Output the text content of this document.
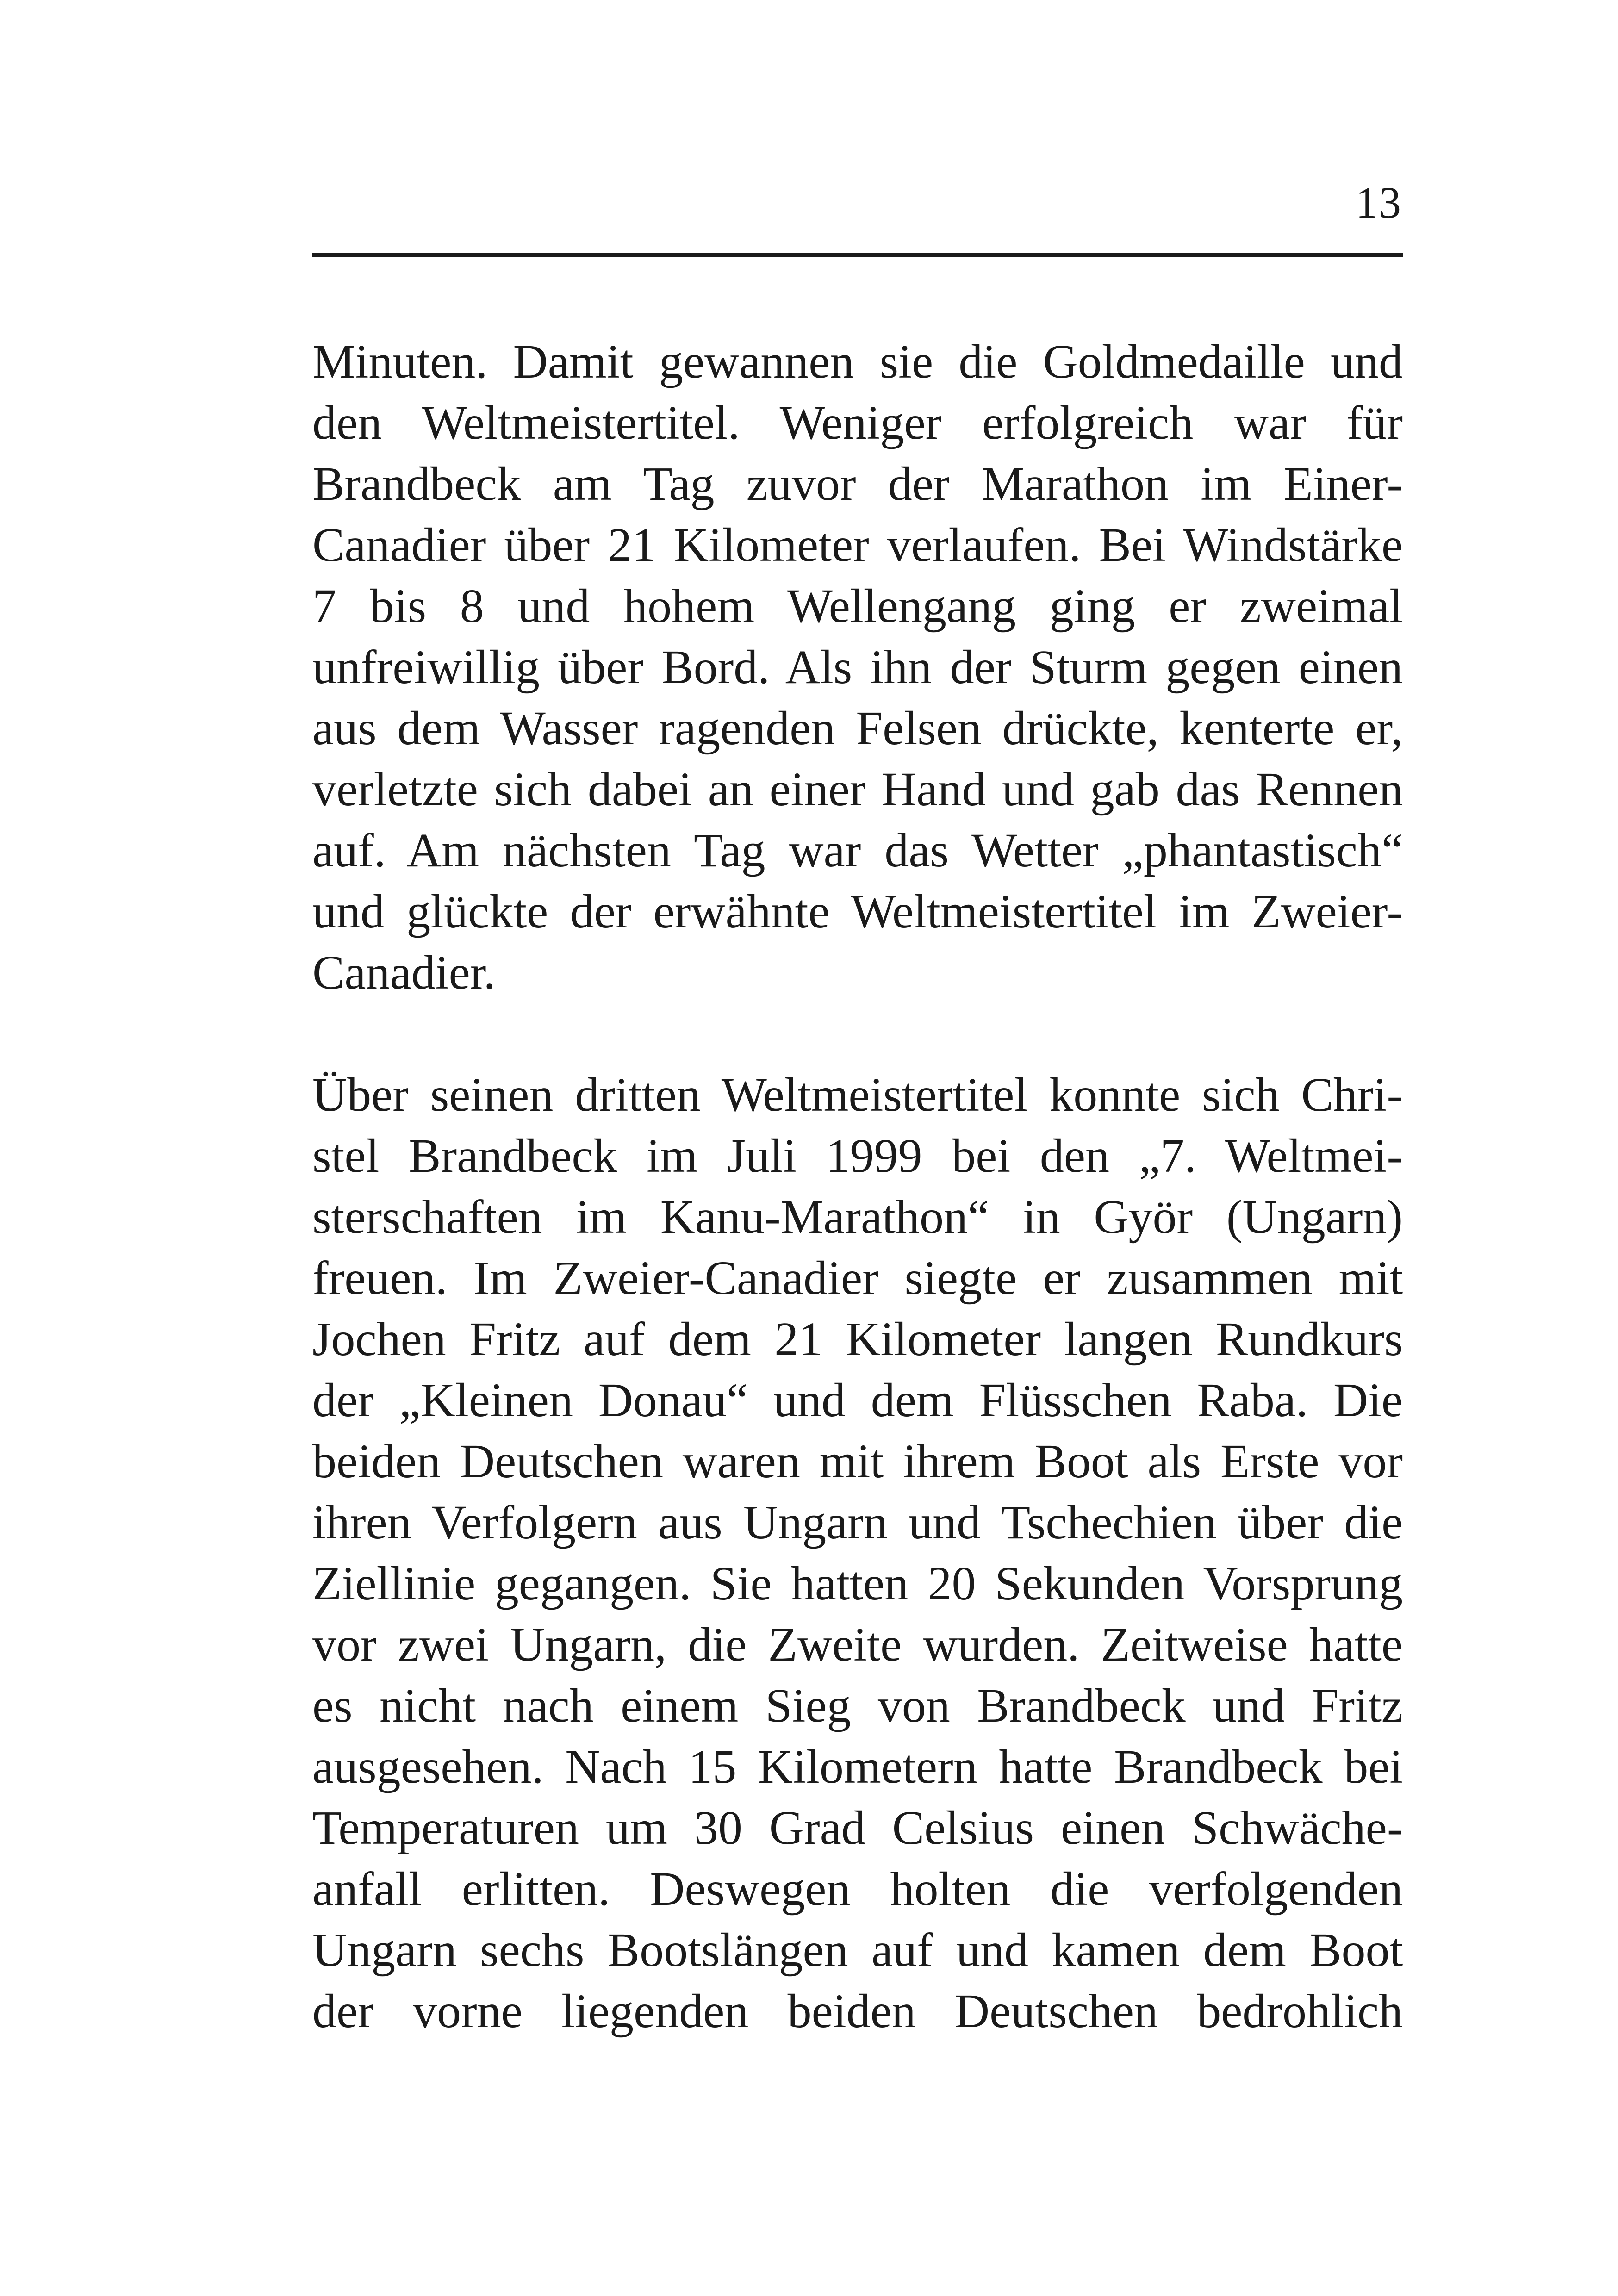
13
Minuten. Damit gewannen sie die Goldmedaille und
den Weltmeistertitel. Weniger erfolgreich war für
Brandbeck am Tag zuvor der Marathon im Einer-
Canadier über 21 Kilometer verlaufen. Bei Windstärke
7 bis 8 und hohem Wellengang ging er zweimal
unfreiwillig über Bord. Als ihn der Sturm gegen einen
aus dem Wasser ragenden Felsen drückte, kenterte er,
verletzte sich dabei an einer Hand und gab das Rennen
auf. Am nächsten Tag war das Wetter „phantastisch“
und glückte der erwähnte Weltmeistertitel im Zweier-
Canadier.
Über seinen dritten Weltmeistertitel konnte sich Chri-
stel Brandbeck im Juli 1999 bei den „7. Weltmei-
sterschaften im Kanu-Marathon“ in Györ (Ungarn)
freuen. Im Zweier-Canadier siegte er zusammen mit
Jochen Fritz auf dem 21 Kilometer langen Rundkurs
der „Kleinen Donau“ und dem Flüsschen Raba. Die
beiden Deutschen waren mit ihrem Boot als Erste vor
ihren Verfolgern aus Ungarn und Tschechien über die
Ziellinie gegangen. Sie hatten 20 Sekunden Vorsprung
vor zwei Ungarn, die Zweite wurden. Zeitweise hatte
es nicht nach einem Sieg von Brandbeck und Fritz
ausgesehen. Nach 15 Kilometern hatte Brandbeck bei
Temperaturen um 30 Grad Celsius einen Schwäche-
anfall erlitten. Deswegen holten die verfolgenden
Ungarn sechs Bootslängen auf und kamen dem Boot
der vorne liegenden beiden Deutschen bedrohlich
